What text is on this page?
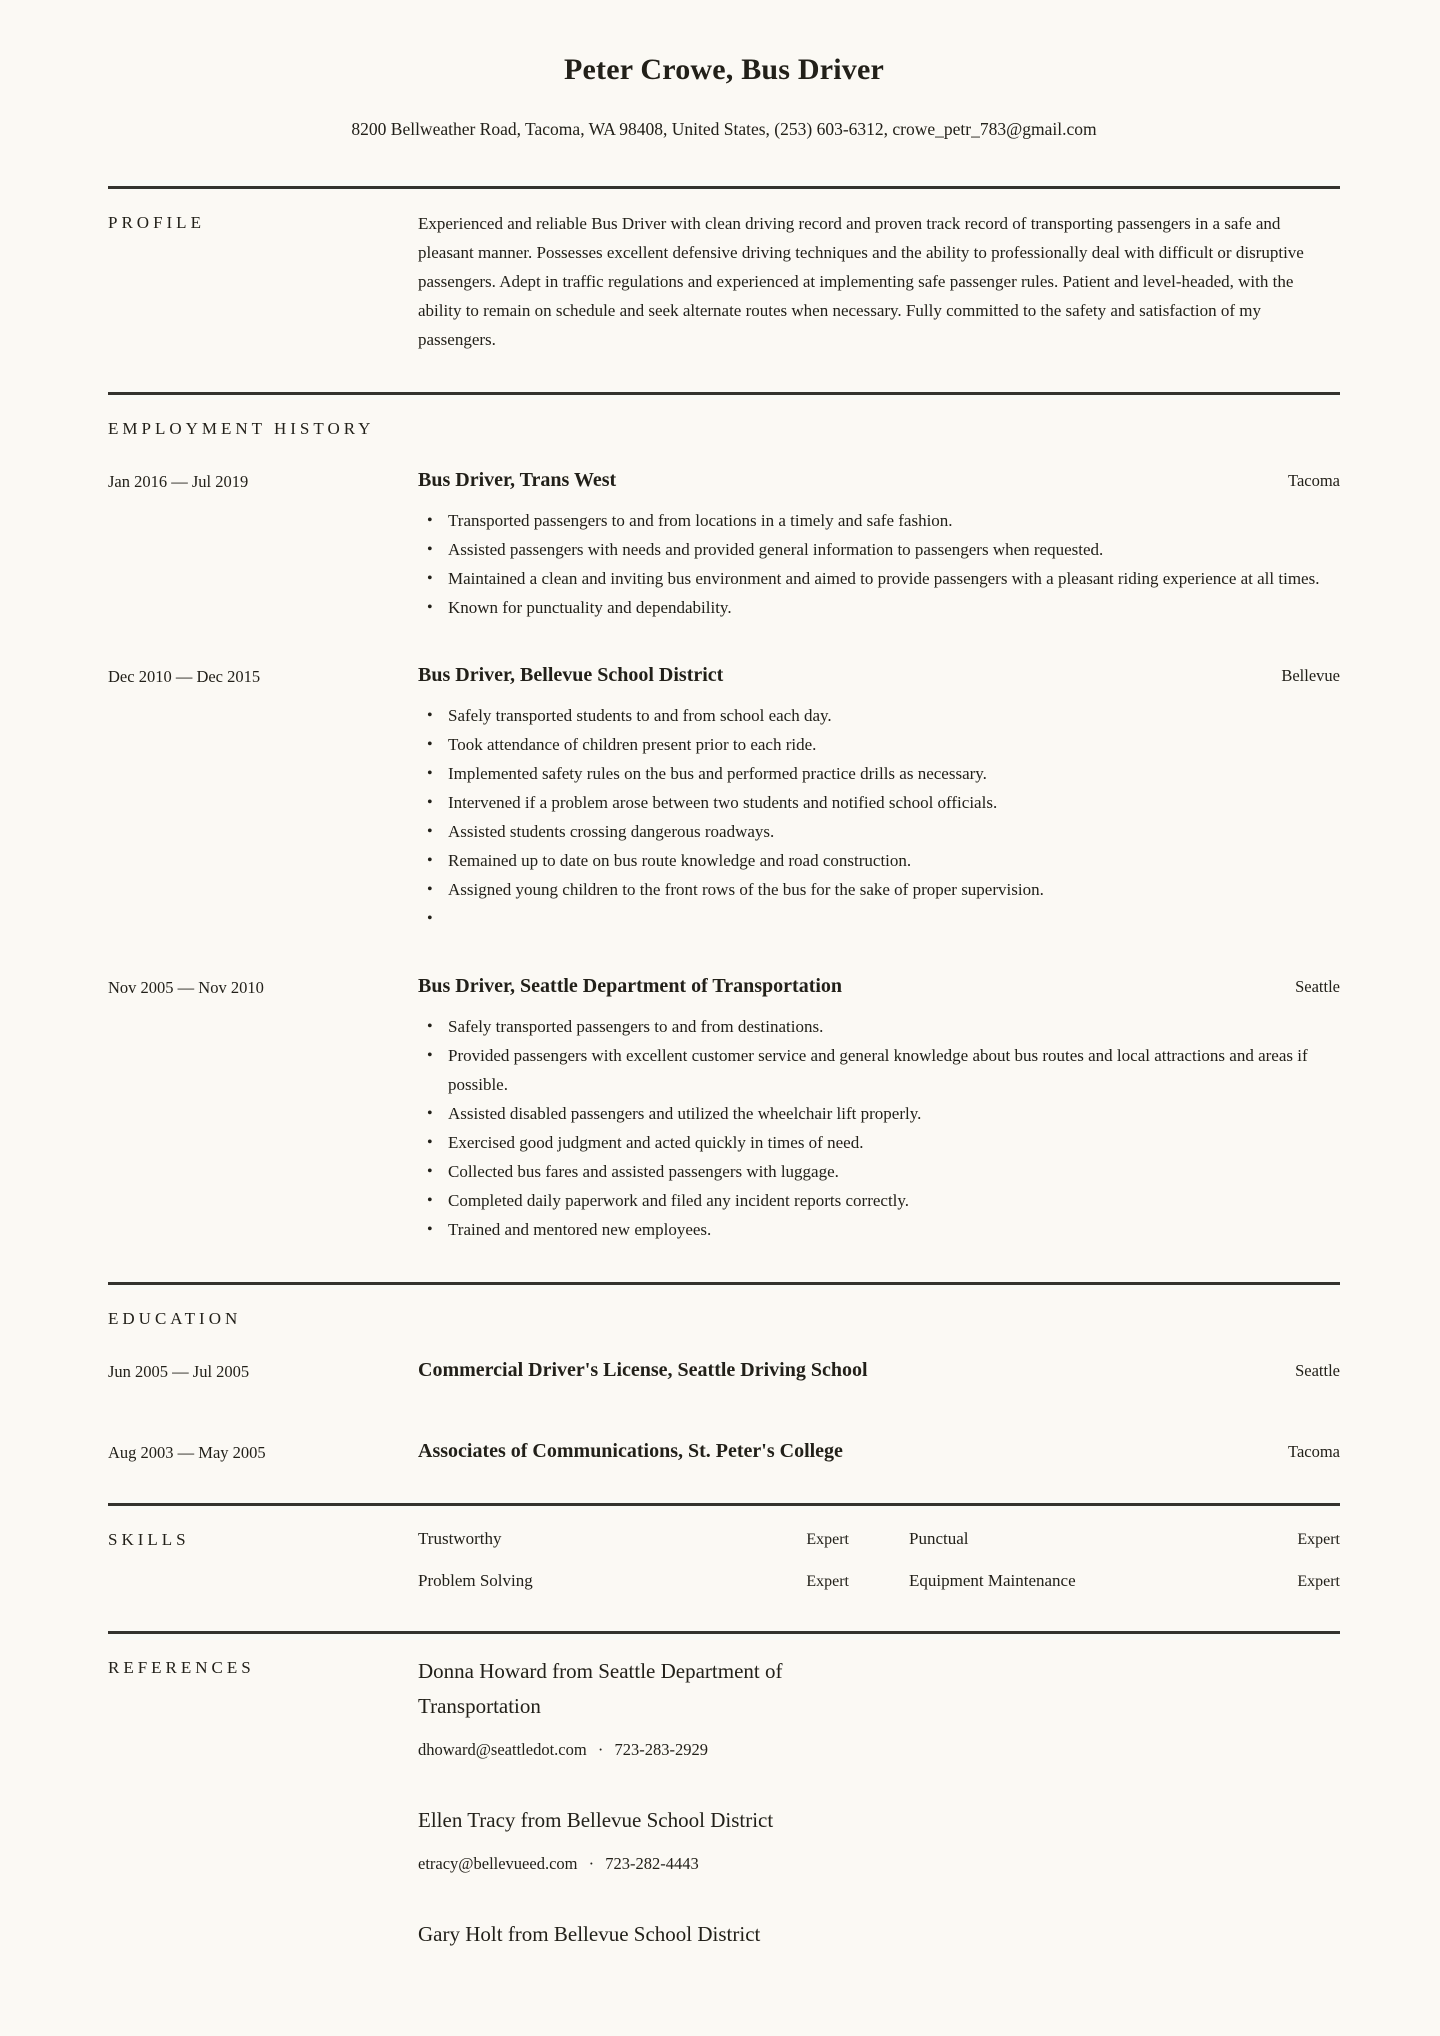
Peter Crowe, Bus Driver
8200 Bellweather Road, Tacoma, WA 98408, United States, (253) 603-6312, crowe_petr_783@gmail.com
PROFILE	Experienced and reliable Bus Driver with clean driving record and proven track record of transporting passengers in a safe and pleasant manner. Possesses excellent defensive driving techniques and the ability to professionally deal with difficult or disruptive passengers. Adept in traffic regulations and experienced at implementing safe passenger rules. Patient and level-headed, with the ability to remain on schedule and seek alternate routes when necessary. Fully committed to the safety and satisfaction of my passengers.
EMPLOYMENT HISTORY
Jan 2016 — Jul 2019	Bus Driver, Trans West	Tacoma
• Transported passengers to and from locations in a timely and safe fashion.
• Assisted passengers with needs and provided general information to passengers when requested.
• Maintained a clean and inviting bus environment and aimed to provide passengers with a pleasant riding experience at all times.
• Known for punctuality and dependability.
Dec 2010 — Dec 2015	Bus Driver, Bellevue School District	Bellevue
• Safely transported students to and from school each day.
• Took attendance of children present prior to each ride.
• Implemented safety rules on the bus and performed practice drills as necessary.
• Intervened if a problem arose between two students and notified school officials.
• Assisted students crossing dangerous roadways.
• Remained up to date on bus route knowledge and road construction.
• Assigned young children to the front rows of the bus for the sake of proper supervision.
•
Nov 2005 — Nov 2010	Bus Driver, Seattle Department of Transportation	Seattle
• Safely transported passengers to and from destinations.
• Provided passengers with excellent customer service and general knowledge about bus routes and local attractions and areas if possible.
• Assisted disabled passengers and utilized the wheelchair lift properly.
• Exercised good judgment and acted quickly in times of need.
• Collected bus fares and assisted passengers with luggage.
• Completed daily paperwork and filed any incident reports correctly.
• Trained and mentored new employees.
EDUCATION
Jun 2005 — Jul 2005	Commercial Driver's License, Seattle Driving School	Seattle
Aug 2003 — May 2005	Associates of Communications, St. Peter's College	Tacoma
SKILLS	Trustworthy	Expert	Punctual	Expert
Problem Solving	Expert	Equipment Maintenance	Expert
REFERENCES	Donna Howard from Seattle Department of Transportation
dhoward@seattledot.com · 723-283-2929
Ellen Tracy from Bellevue School District
etracy@bellevueed.com · 723-282-4443
Gary Holt from Bellevue School District
